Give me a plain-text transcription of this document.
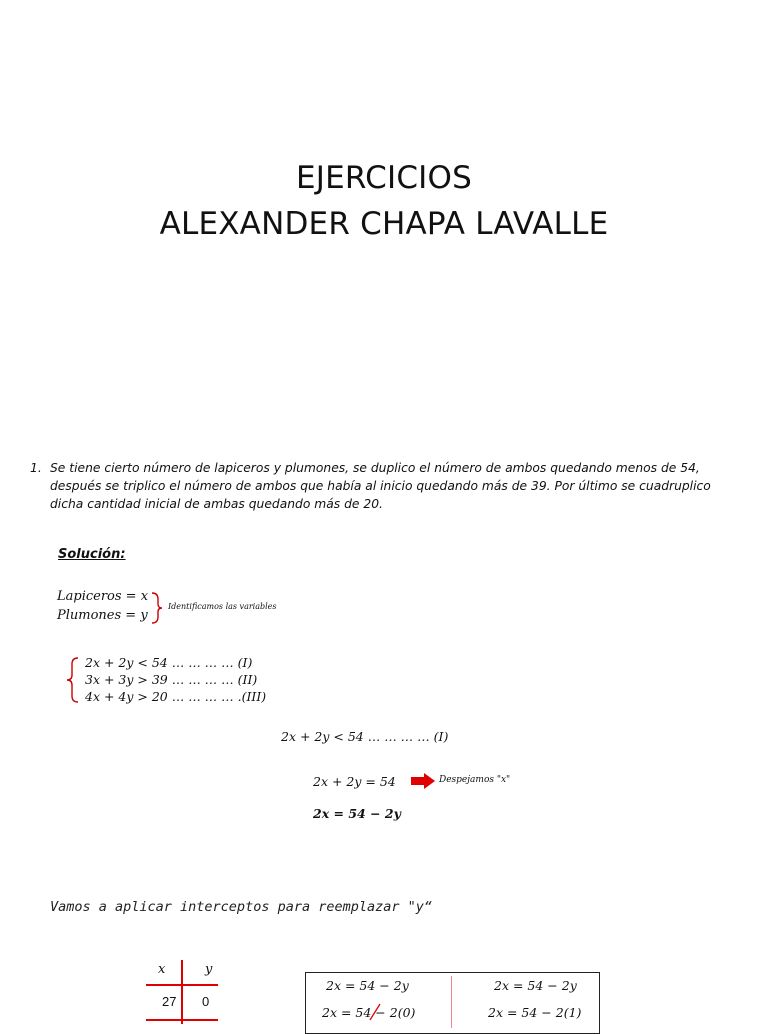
EJERCICIOS
ALEXANDER CHAPA LAVALLE
1. Se tiene cierto número de lapiceros y plumones, se duplico el número de ambos quedando menos de 54, después se triplico el número de ambos que había al inicio quedando más de 39. Por último se cuadruplico dicha cantidad inicial de ambas quedando más de 20.
Solución:
Lapiceros = x
Plumones = y
Identificamos las variables
2x + 2y < 54 … … … … (I)
3x + 3y > 39 … … … … (II)
4x + 4y > 20 … … … … .(III)
2x + 2y < 54 … … … … (I)
2x + 2y = 54	Despejamos "x"
2x = 54 − 2y
Vamos a aplicar interceptos para reemplazar "y“
x	y
27 0
2x = 54 − 2y
2x = 54 − 2(0)
2x = 54 − 2y
2x = 54 − 2(1)
